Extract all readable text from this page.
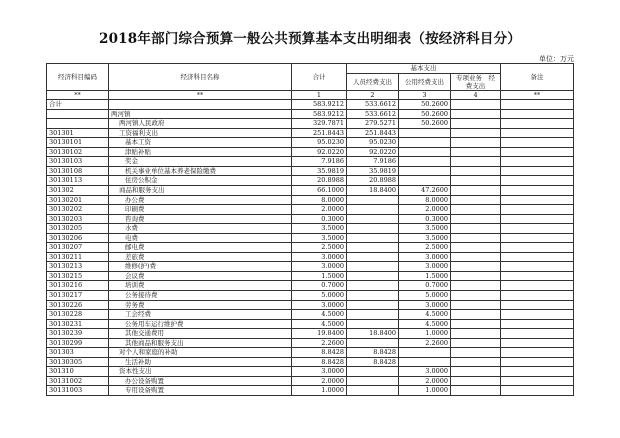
2018年部门综合预算一般公共预算基本支出明细表（按经济科目分）
单位：万元
经济科目编码	经济科目名称	合计	基本支出			备注
			人员经费支出	公用经费支出	专项业务　经费支出	
**	**	1	2	3	4	**
合计		583.9212	533.6612	50.2600		
	两河镇	583.9212	533.6612	50.2600		
	两河镇人民政府	329.7871	279.5271	50.2600		
301301	工资福利支出	251.8443	251.8443			
30130101	基本工资	95.0230	95.0230			
30130102	津贴补贴	92.0220	92.0220			
30130103	奖金	7.9186	7.9186			
30130108	机关事业单位基本养老保险缴费	35.9819	35.9819			
30130113	住房公积金	20.8988	20.8988			
301302	商品和服务支出	66.1000	18.8400	47.2600		
30130201	办公费	8.0000		8.0000		
30130202	印刷费	2.0000		2.0000		
30130203	咨询费	0.3000		0.3000		
30130205	水费	3.5000		3.5000		
30130206	电费	3.5000		3.5000		
30130207	邮电费	2.5000		2.5000		
30130211	差旅费	3.0000		3.0000		
30130213	维修(护)费	3.0000		3.0000		
30130215	会议费	1.5000		1.5000		
30130216	培训费	0.7000		0.7000		
30130217	公务接待费	5.0000		5.0000		
30130226	劳务费	3.0000		3.0000		
30130228	工会经费	4.5000		4.5000		
30130231	公务用车运行维护费	4.5000		4.5000		
30130239	其他交通费用	19.8400	18.8400	1.0000		
30130299	其他商品和服务支出	2.2600		2.2600		
301303	对个人和家庭的补助	8.8428	8.8428			
30130305	生活补助	8.8428	8.8428			
301310	资本性支出	3.0000		3.0000		
30131002	办公设备购置	2.0000		2.0000		
30131003	专用设备购置	1.0000		1.0000		
